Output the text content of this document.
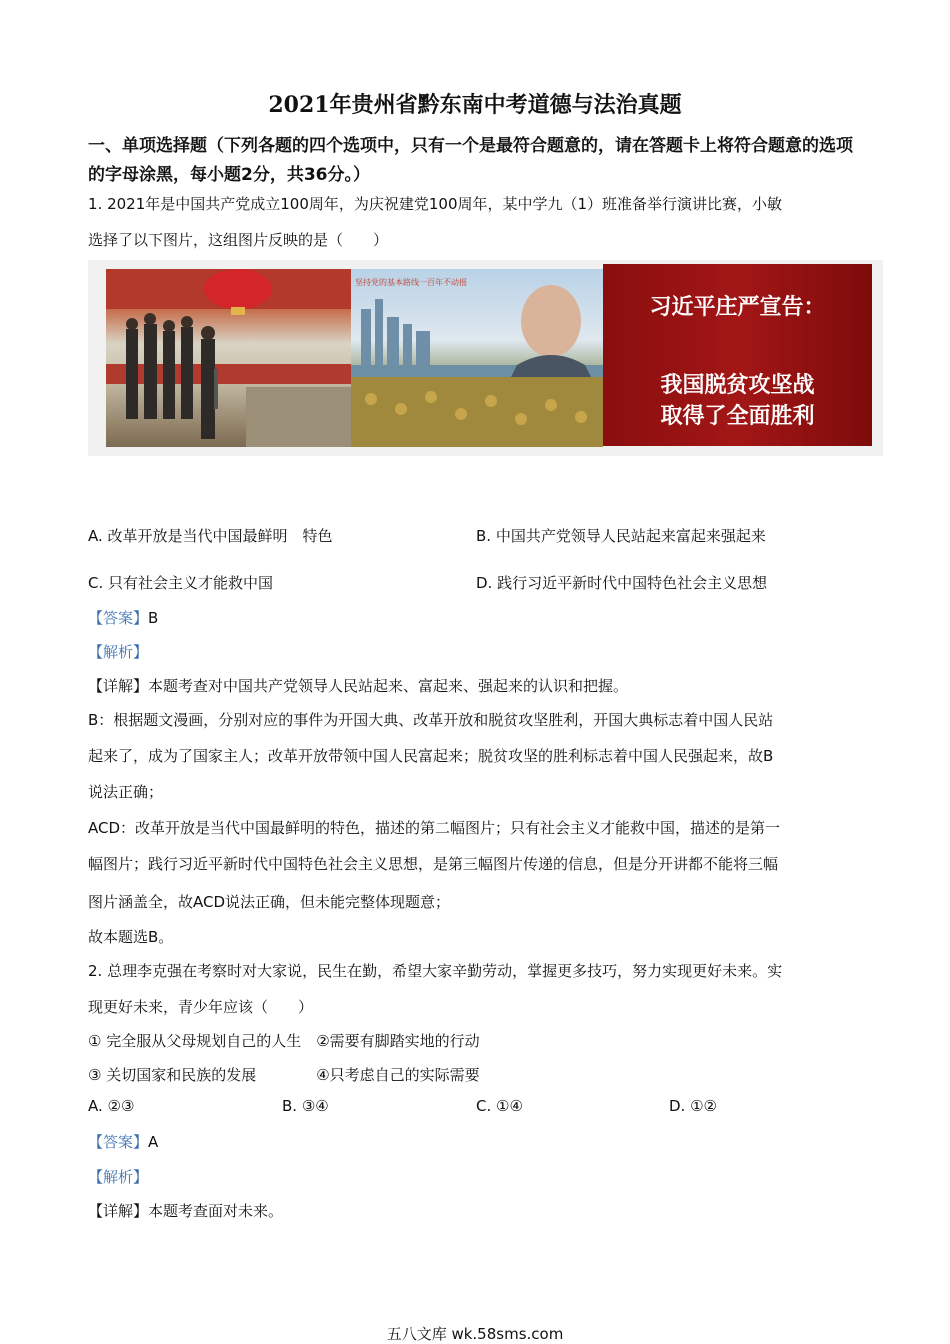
2021年贵州省黔东南中考道德与法治真题
一、单项选择题（下列各题的四个选项中，只有一个是最符合题意的，请在答题卡上将符合题意的选项的字母涂黑，每小题2分，共36分。）
1. 2021年是中国共产党成立100周年，为庆祝建党100周年，某中学九（1）班准备举行演讲比赛，小敏
选择了以下图片，这组图片反映的是（　　）
坚持党的基本路线一百年不动摇
习近平庄严宣告：
我国脱贫攻坚战
取得了全面胜利
A. 改革开放是当代中国最鲜明　特色	B. 中国共产党领导人民站起来富起来强起来
C. 只有社会主义才能救中国	D. 践行习近平新时代中国特色社会主义思想
【答案】B
【解析】
【详解】本题考查对中国共产党领导人民站起来、富起来、强起来的认识和把握。
B：根据题文漫画，分别对应的事件为开国大典、改革开放和脱贫攻坚胜利，开国大典标志着中国人民站
起来了，成为了国家主人；改革开放带领中国人民富起来；脱贫攻坚的胜利标志着中国人民强起来，故B
说法正确；
ACD：改革开放是当代中国最鲜明的特色，描述的第二幅图片；只有社会主义才能救中国，描述的是第一
幅图片；践行习近平新时代中国特色社会主义思想，是第三幅图片传递的信息，但是分开讲都不能将三幅
图片涵盖全，故ACD说法正确，但未能完整体现题意；
故本题选B。
2. 总理李克强在考察时对大家说，民生在勤，希望大家辛勤劳动，掌握更多技巧，努力实现更好未来。实
现更好未来，青少年应该（　　）
① 完全服从父母规划自己的人生　②需要有脚踏实地的行动
③ 关切国家和民族的发展　　　　④只考虑自己的实际需要
A. ②③	B. ③④	C. ①④	D. ①②
【答案】A
【解析】
【详解】本题考查面对未来。
五八文库 wk.58sms.com
